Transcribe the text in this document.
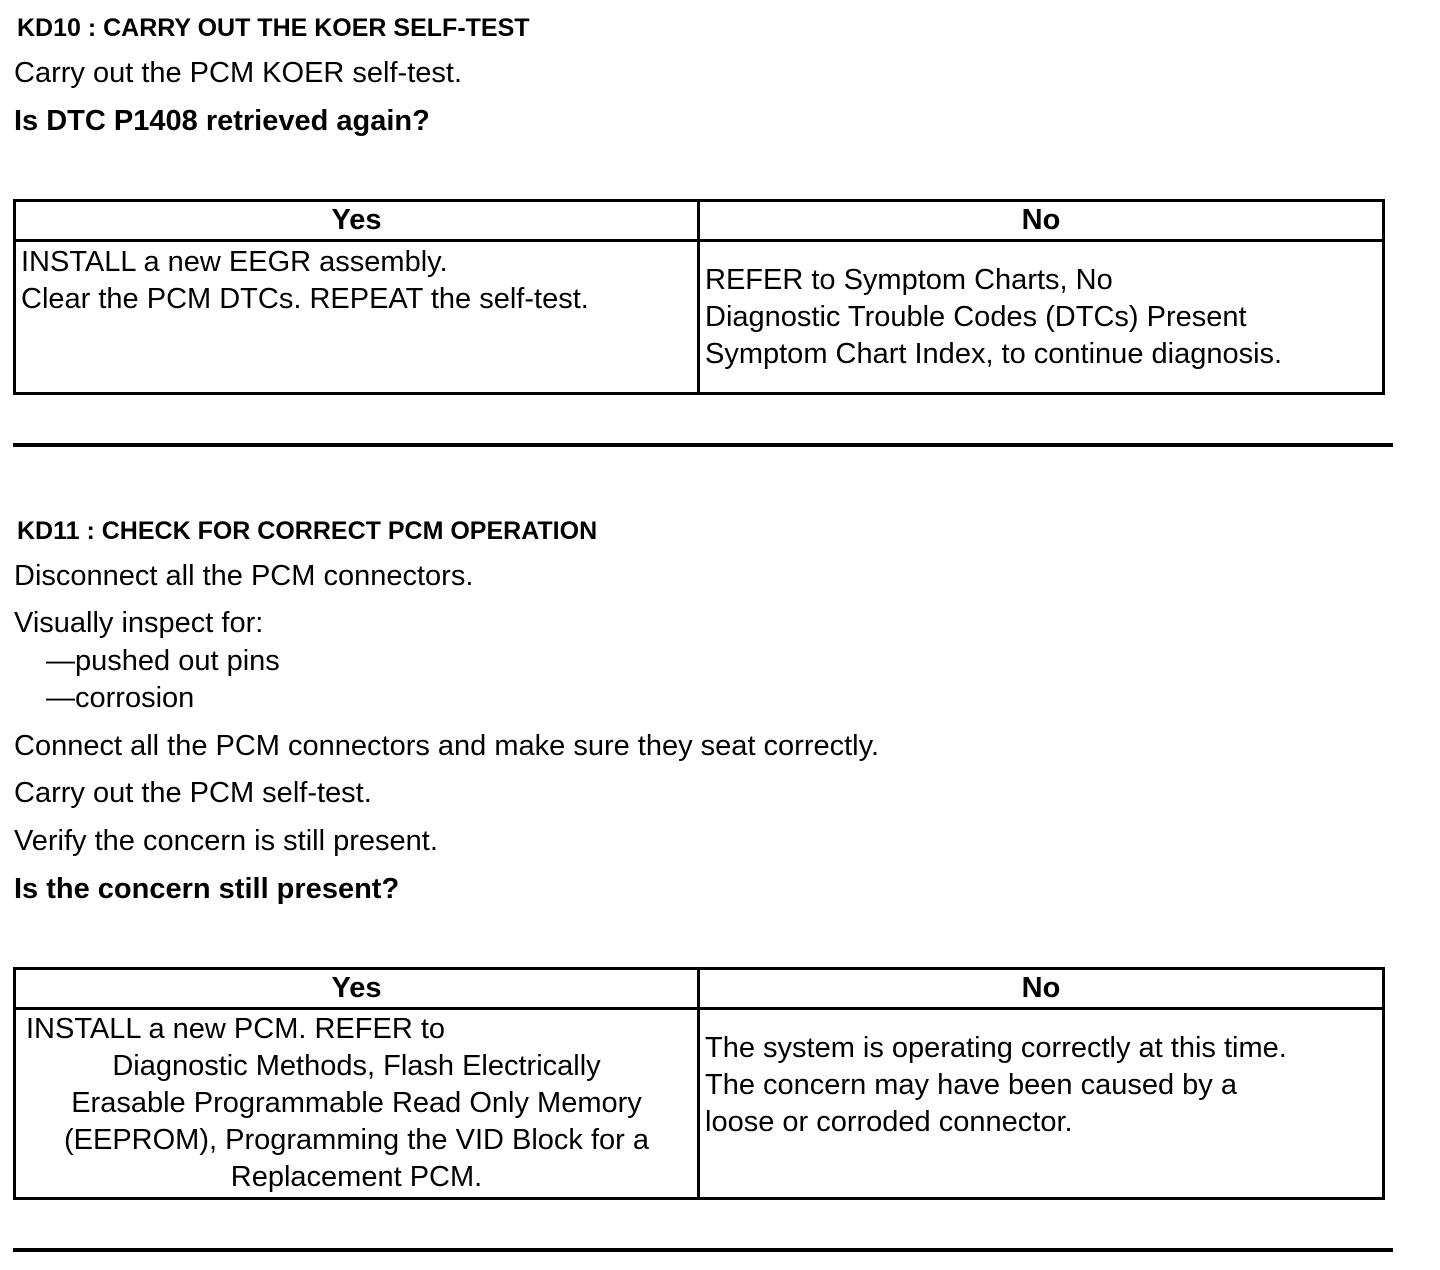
KD10 : CARRY OUT THE KOER SELF-TEST
Carry out the PCM KOER self-test.
Is DTC P1408 retrieved again?
Yes	No

INSTALL a new EEGR assembly.
Clear the PCM DTCs. REPEAT the self-test.	REFER to Symptom Charts, No
Diagnostic Trouble Codes (DTCs) Present
Symptom Chart Index, to continue diagnosis.
KD11 : CHECK FOR CORRECT PCM OPERATION
Disconnect all the PCM connectors.
Visually inspect for:
—pushed out pins
—corrosion
Connect all the PCM connectors and make sure they seat correctly.
Carry out the PCM self-test.
Verify the concern is still present.
Is the concern still present?
Yes	No

INSTALL a new PCM. REFER to
Diagnostic Methods, Flash Electrically
Erasable Programmable Read Only Memory
(EEPROM), Programming the VID Block for a
Replacement PCM.	The system is operating correctly at this time.
The concern may have been caused by a
loose or corroded connector.
